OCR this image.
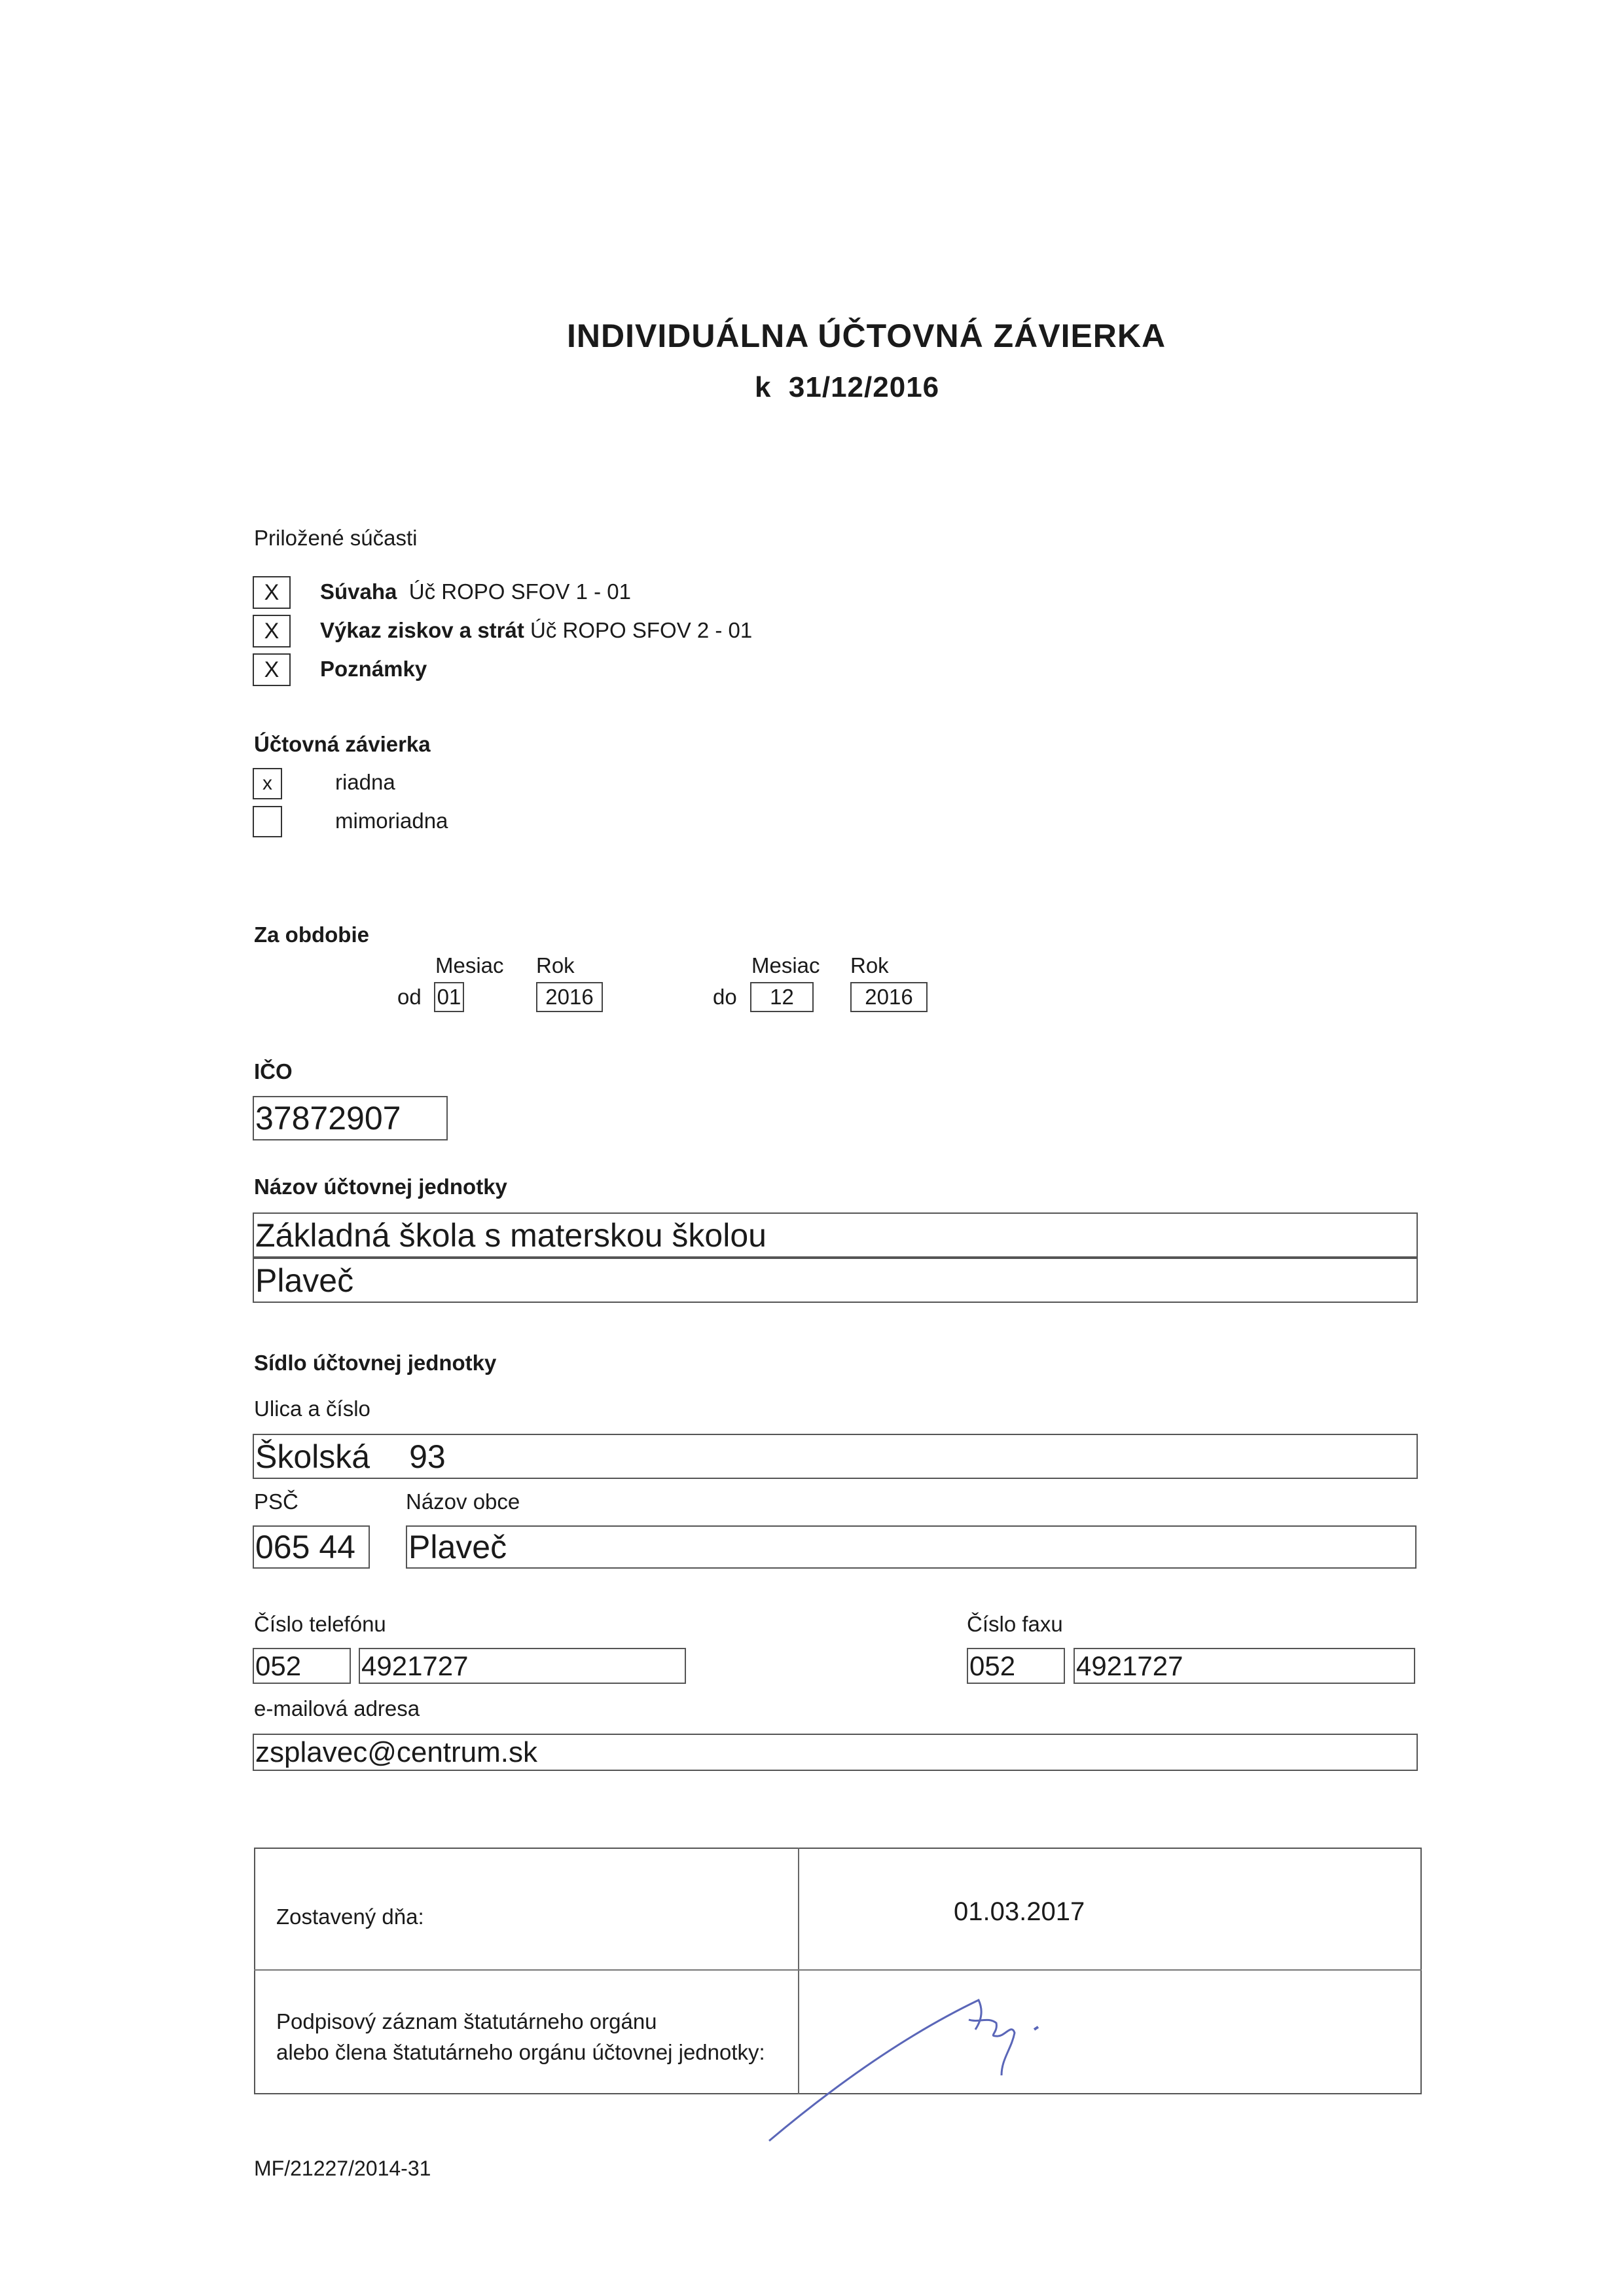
INDIVIDUÁLNA ÚČTOVNÁ ZÁVIERKA
k  31/12/2016
Priložené súčasti
X	Súvaha Úč ROPO SFOV 1 - 01
X	Výkaz ziskov a strát Úč ROPO SFOV 2 - 01
X	Poznámky
Účtovná závierka
x	riadna
mimoriadna
Za obdobie
Mesiac Rok	Mesiac Rok
od 01	2016	do	12	2016
IČO
37872907
Názov účtovnej jednotky
Základná škola s materskou školou
Plaveč
Sídlo účtovnej jednotky
Ulica a číslo
Školská 93
PSČ	Názov obce
065 44	Plaveč
Číslo telefónu	Číslo faxu
052	4921727	052	4921727
e-mailová adresa
zsplavec@centrum.sk
Zostavený dňa:	01.03.2017
Podpisový záznam štatutárneho orgánu
alebo člena štatutárneho orgánu účtovnej jednotky:
MF/21227/2014-31
